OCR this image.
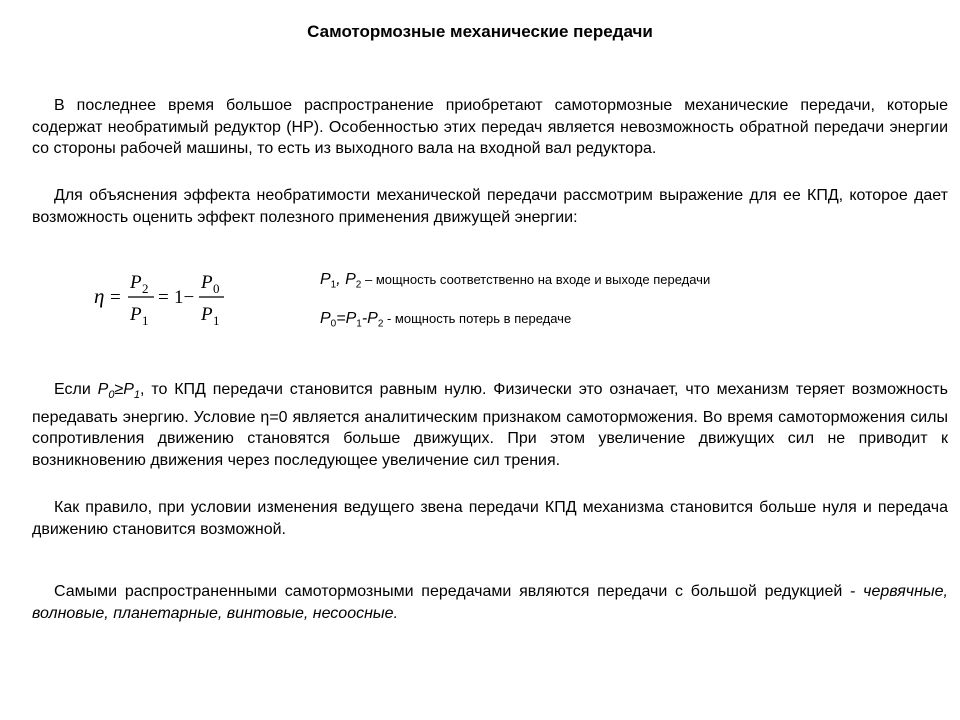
Самотормозные механические передачи

В последнее время большое распространение приобретают самотормозные механические передачи, которые содержат необратимый редуктор (НР). Особенностью этих передач является невозможность обратной передачи энергии со стороны рабочей машины, то есть из выходного вала на входной вал редуктора.

Для объяснения эффекта необратимости механической передачи рассмотрим выражение для ее КПД, которое дает возможность оценить эффект полезного применения движущей энергии:

η =
P 2
P 1
= 1−
P 0
P 1
$P_1$, $P_2$ – мощность соответственно на входе и выходе передачи
$P_0=P_1-P_2$ - мощность потерь в передаче

Если $P_0\ge P_1$, то КПД передачи становится равным нулю. Физически это означает, что механизм теряет возможность передавать энергию. Условие η=0 является аналитическим признаком самоторможения. Во время самоторможения силы сопротивления движению становятся больше движущих. При этом увеличение движущих сил не приводит к возникновению движения через последующее увеличение сил трения.

Как правило, при условии изменения ведущего звена передачи КПД механизма становится больше нуля и передача движению становится возможной.

Самыми распространенными самотормозными передачами являются передачи с большой редукцией - червячные, волновые, планетарные, винтовые, несоосные.
